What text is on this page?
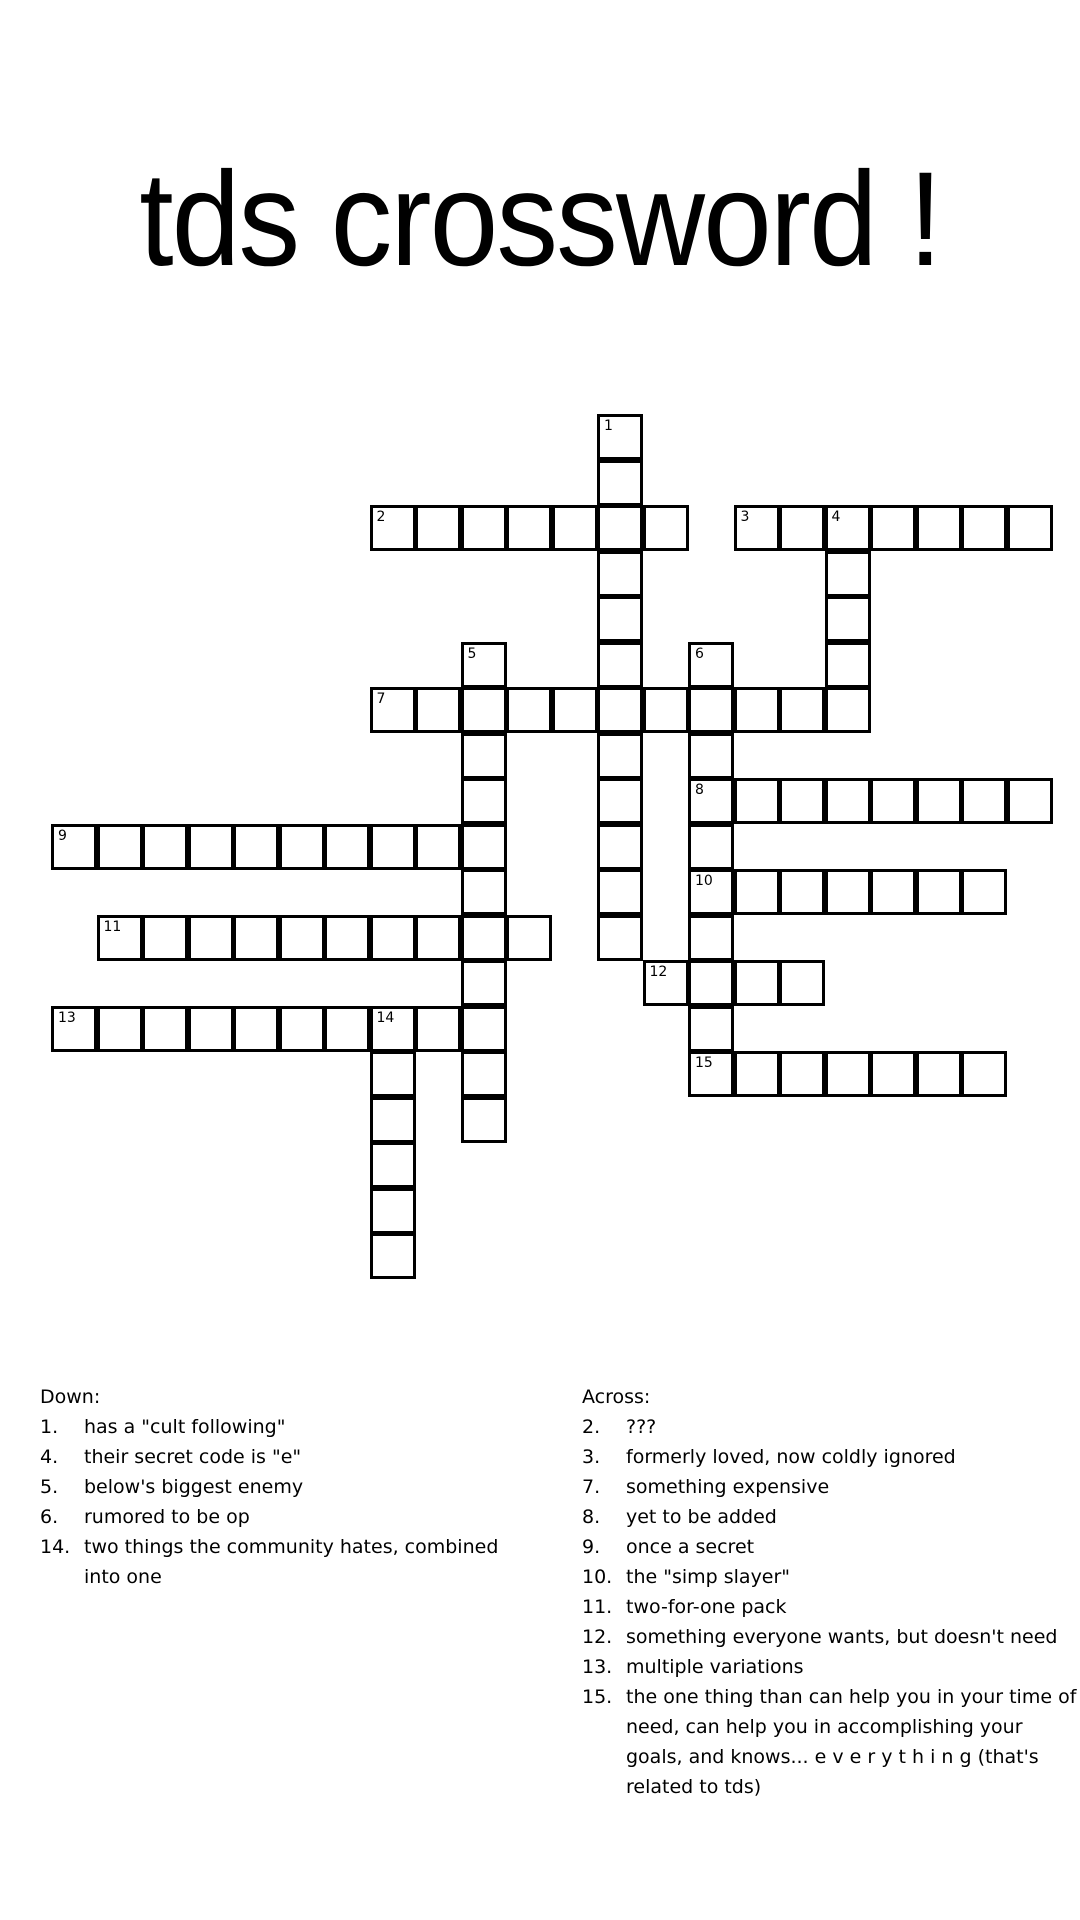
tds crossword !
1
2	3	4
5	6
8
10
15
7
9
11
12
13	14
Down:
1.	has a "cult following"
4.	their secret code is "e"
5.	below's biggest enemy
6.	rumored to be op
14. two things the community hates, combined into one
Across:
2.	???
3.	formerly loved, now coldly ignored
7.	something expensive
8.	yet to be added
9.	once a secret
10. the "simp slayer"
11. two-for-one pack
12. something everyone wants, but doesn't need
13. multiple variations
15. the one thing than can help you in your time of need, can help you in accomplishing your goals, and knows... e v e r y t h i n g (that's related to tds)
